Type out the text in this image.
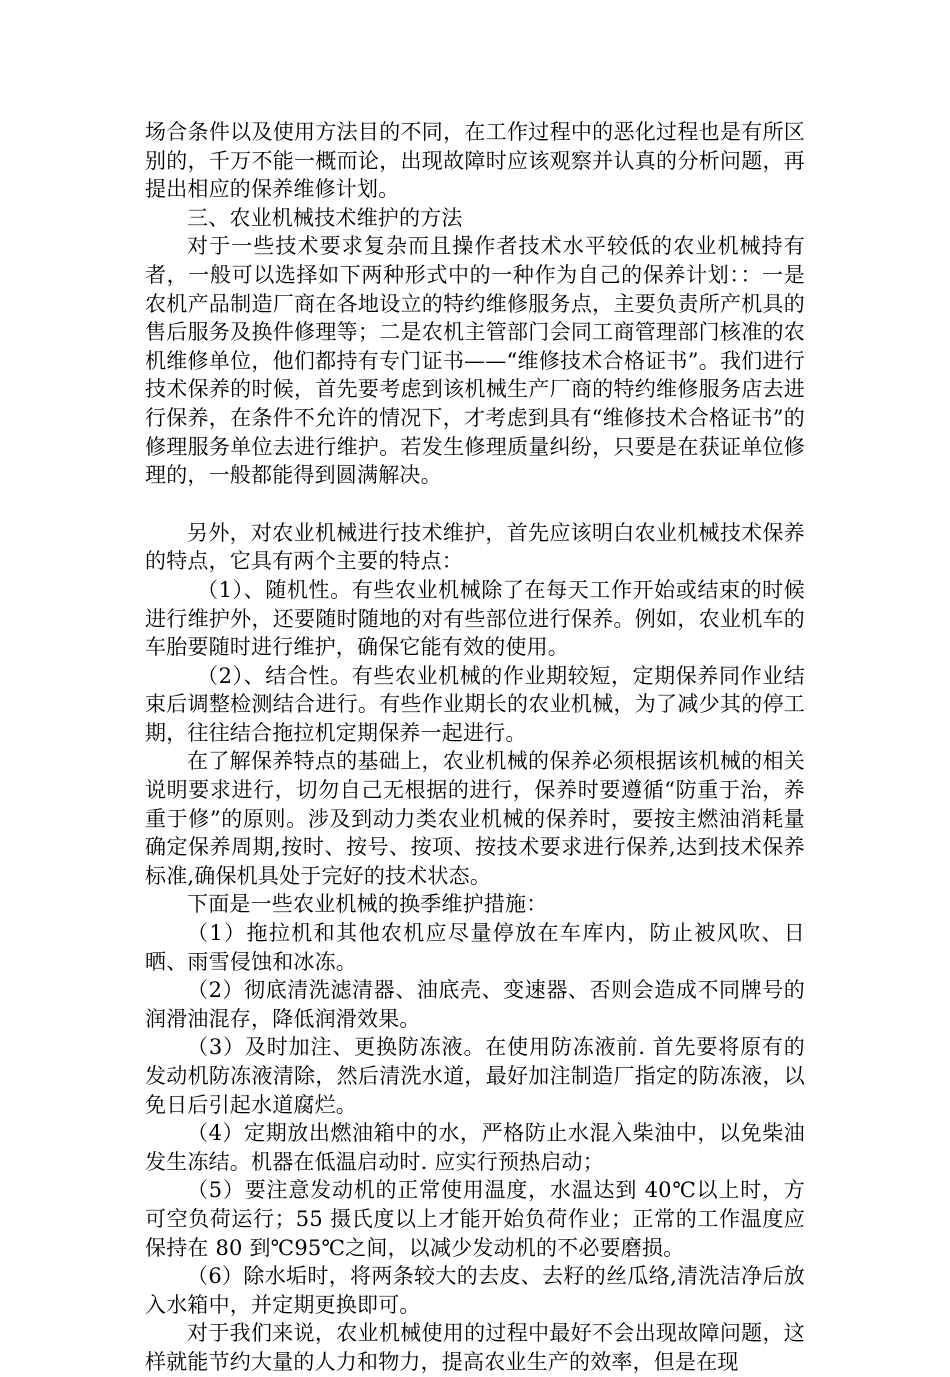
场合条件以及使用方法目的不同，在工作过程中的恶化过程也是有所区别的，千万不能一概而论，出现故障时应该观察并认真的分析问题，再提出相应的保养维修计划。

三、农业机械技术维护的方法

对于一些技术要求复杂而且操作者技术水平较低的农业机械持有者，一般可以选择如下两种形式中的一种作为自己的保养计划：：一是农机产品制造厂商在各地设立的特约维修服务点，主要负责所产机具的售后服务及换件修理等；二是农机主管部门会同工商管理部门核准的农机维修单位，他们都持有专门证书——“维修技术合格证书”。我们进行技术保养的时候，首先要考虑到该机械生产厂商的特约维修服务店去进行保养，在条件不允许的情况下，才考虑到具有“维修技术合格证书”的修理服务单位去进行维护。若发生修理质量纠纷，只要是在获证单位修理的，一般都能得到圆满解决。

另外，对农业机械进行技术维护，首先应该明白农业机械技术保养的特点，它具有两个主要的特点：

（1）、随机性。有些农业机械除了在每天工作开始或结束的时候进行维护外，还要随时随地的对有些部位进行保养。例如，农业机车的车胎要随时进行维护，确保它能有效的使用。

（2）、结合性。有些农业机械的作业期较短，定期保养同作业结束后调整检测结合进行。有些作业期长的农业机械，为了减少其的停工期，往往结合拖拉机定期保养一起进行。

在了解保养特点的基础上，农业机械的保养必须根据该机械的相关说明要求进行，切勿自己无根据的进行，保养时要遵循“防重于治，养重于修”的原则。涉及到动力类农业机械的保养时，要按主燃油消耗量确定保养周期,按时、按号、按项、按技术要求进行保养,达到技术保养标准,确保机具处于完好的技术状态。

下面是一些农业机械的换季维护措施：

（1）拖拉机和其他农机应尽量停放在车库内，防止被风吹、日晒、雨雪侵蚀和冰冻。

（2）彻底清洗滤清器、油底壳、变速器、否则会造成不同牌号的润滑油混存，降低润滑效果。

（3）及时加注、更换防冻液。在使用防冻液前. 首先要将原有的发动机防冻液清除，然后清洗水道，最好加注制造厂指定的防冻液，以免日后引起水道腐烂。

（4）定期放出燃油箱中的水，严格防止水混入柴油中，以免柴油发生冻结。机器在低温启动时. 应实行预热启动；

（5）要注意发动机的正常使用温度，水温达到 40℃以上时，方可空负荷运行；55 摄氏度以上才能开始负荷作业；正常的工作温度应保持在 80 到℃95℃之间，以减少发动机的不必要磨损。

（6）除水垢时，将两条较大的去皮、去籽的丝瓜络,清洗洁净后放入水箱中，并定期更换即可。

对于我们来说，农业机械使用的过程中最好不会出现故障问题，这样就能节约大量的人力和物力，提高农业生产的效率，但是在现
